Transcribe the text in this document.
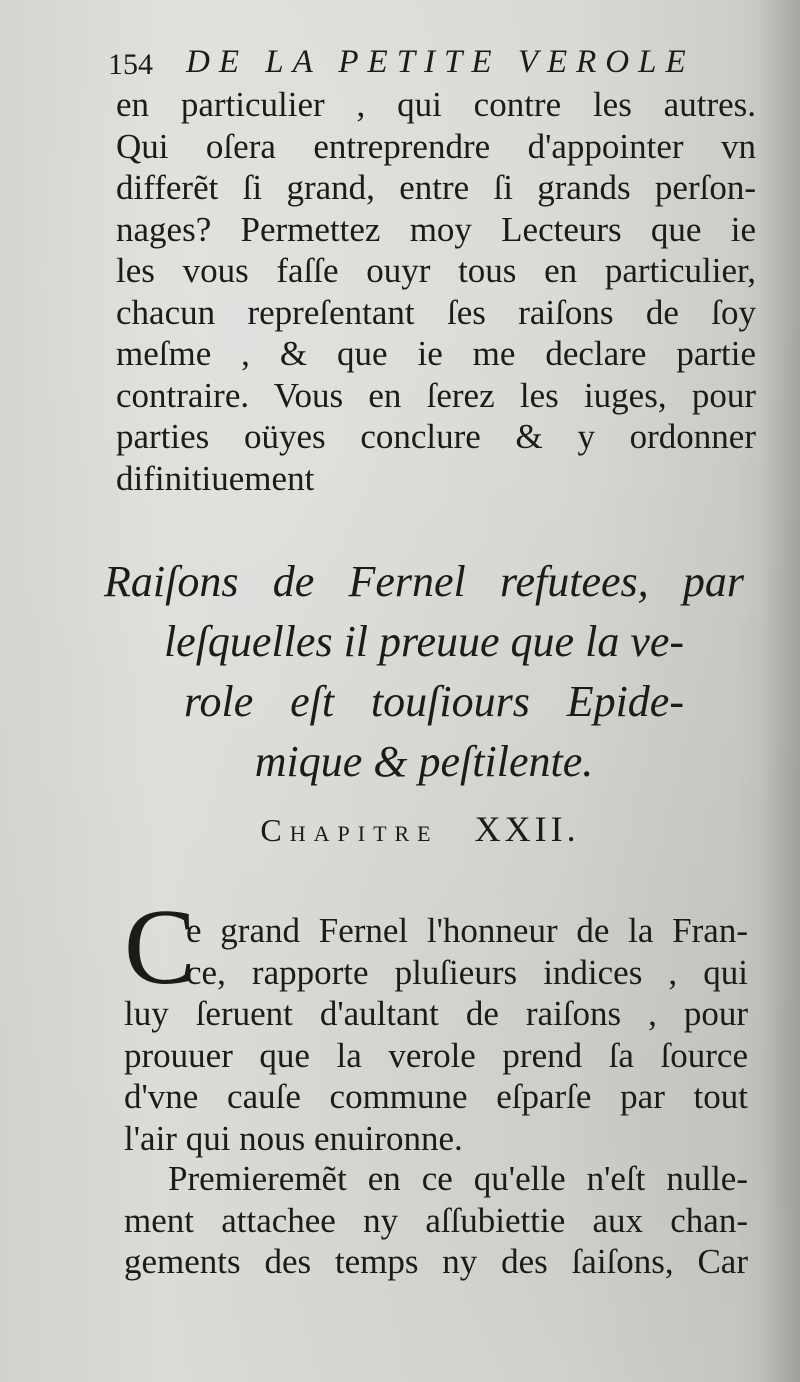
154 DE LA PETITE VEROLE
en particulier , qui contre les autres.
Qui oſera entreprendre d'appointer vn
differẽt ſi grand, entre ſi grands perſon-
nages? Permettez moy Lecteurs que ie
les vous faſſe ouyr tous en particulier,
chacun repreſentant ſes raiſons de ſoy
meſme , & que ie me declare partie
contraire. Vous en ſerez les iuges, pour
parties oüyes conclure & y ordonner
difinitiuement
Raiſons de Fernel refutees, par
leſquelles il preuue que la ve-
role eſt touſiours Epide-
mique & peſtilente.
Chapitre XXII.
C
e grand Fernel l'honneur de la Fran-
ce, rapporte pluſieurs indices , qui
luy ſeruent d'aultant de raiſons , pour
prouuer que la verole prend ſa ſource
d'vne cauſe commune eſparſe par tout
l'air qui nous enuironne.
Premieremẽt en ce qu'elle n'eſt nulle-
ment attachee ny aſſubiettie aux chan-
gements des temps ny des ſaiſons, Car
